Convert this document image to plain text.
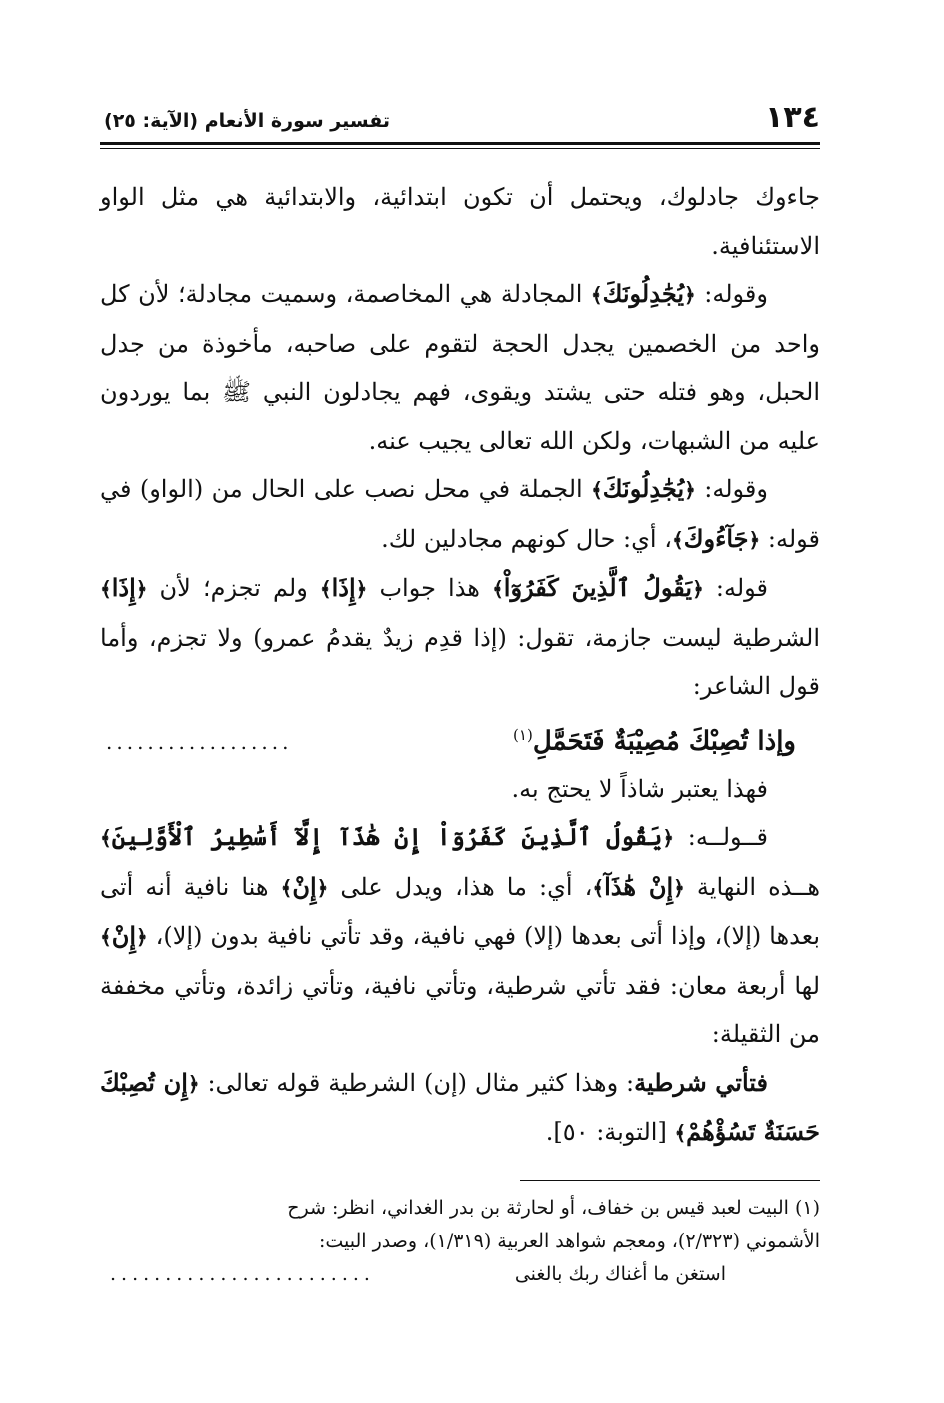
١٣٤
تفسير سورة الأنعام (الآية: ٢٥)

جاءوك جادلوك، ويحتمل أن تكون ابتدائية، والابتدائية هي مثل الواو الاستئنافية.

وقوله: ﴿يُجَٰدِلُونَكَ﴾ المجادلة هي المخاصمة، وسميت مجادلة؛ لأن كل واحد من الخصمين يجدل الحجة لتقوم على صاحبه، مأخوذة من جدل الحبل، وهو فتله حتى يشتد ويقوى، فهم يجادلون النبي ﷺ بما يوردون عليه من الشبهات، ولكن الله تعالى يجيب عنه.

وقوله: ﴿يُجَٰدِلُونَكَ﴾ الجملة في محل نصب على الحال من (الواو) في قوله: ﴿جَآءُوكَ﴾، أي: حال كونهم مجادلين لك.

قوله: ﴿يَقُولُ ٱلَّذِينَ كَفَرُوٓاْ﴾ هذا جواب ﴿إِذَا﴾ ولم تجزم؛ لأن ﴿إِذَا﴾ الشرطية ليست جازمة، تقول: (إذا قدِم زيدٌ يقدمُ عمرو) ولا تجزم، وأما قول الشاعر:

وإذا تُصِبْكَ مُصِيْبَةٌ فَتَحَمَّلِ$^{(١)}$
..................

فهذا يعتبر شاذاً لا يحتج به.

قــولــه: ﴿يَقُولُ ٱلَّذِينَ كَفَرُوٓاْ إِنْ هَٰذَآ إِلَّآ أَسَٰطِيرُ ٱلْأَوَّلِينَ﴾ هــذه النهاية ﴿إِنْ هَٰذَآ﴾، أي: ما هذا، ويدل على ﴿إِنْ﴾ هنا نافية أنه أتى بعدها (إلا)، وإذا أتى بعدها (إلا) فهي نافية، وقد تأتي نافية بدون (إلا)، ﴿إِنْ﴾ لها أربعة معان: فقد تأتي شرطية، وتأتي نافية، وتأتي زائدة، وتأتي مخففة من الثقيلة:

فتأتي شرطية: وهذا كثير مثال (إن) الشرطية قوله تعالى: ﴿إِن تُصِبْكَ حَسَنَةٌ تَسُؤْهُمْ﴾ [التوبة: ٥٠].

(١) البيت لعبد قيس بن خفاف، أو لحارثة بن بدر الغداني، انظر: شرح

الأشموني (٢/٣٢٣)، ومعجم شواهد العربية (١/٣١٩)، وصدر البيت:

استغن ما أغناك ربك بالغنى
........................
